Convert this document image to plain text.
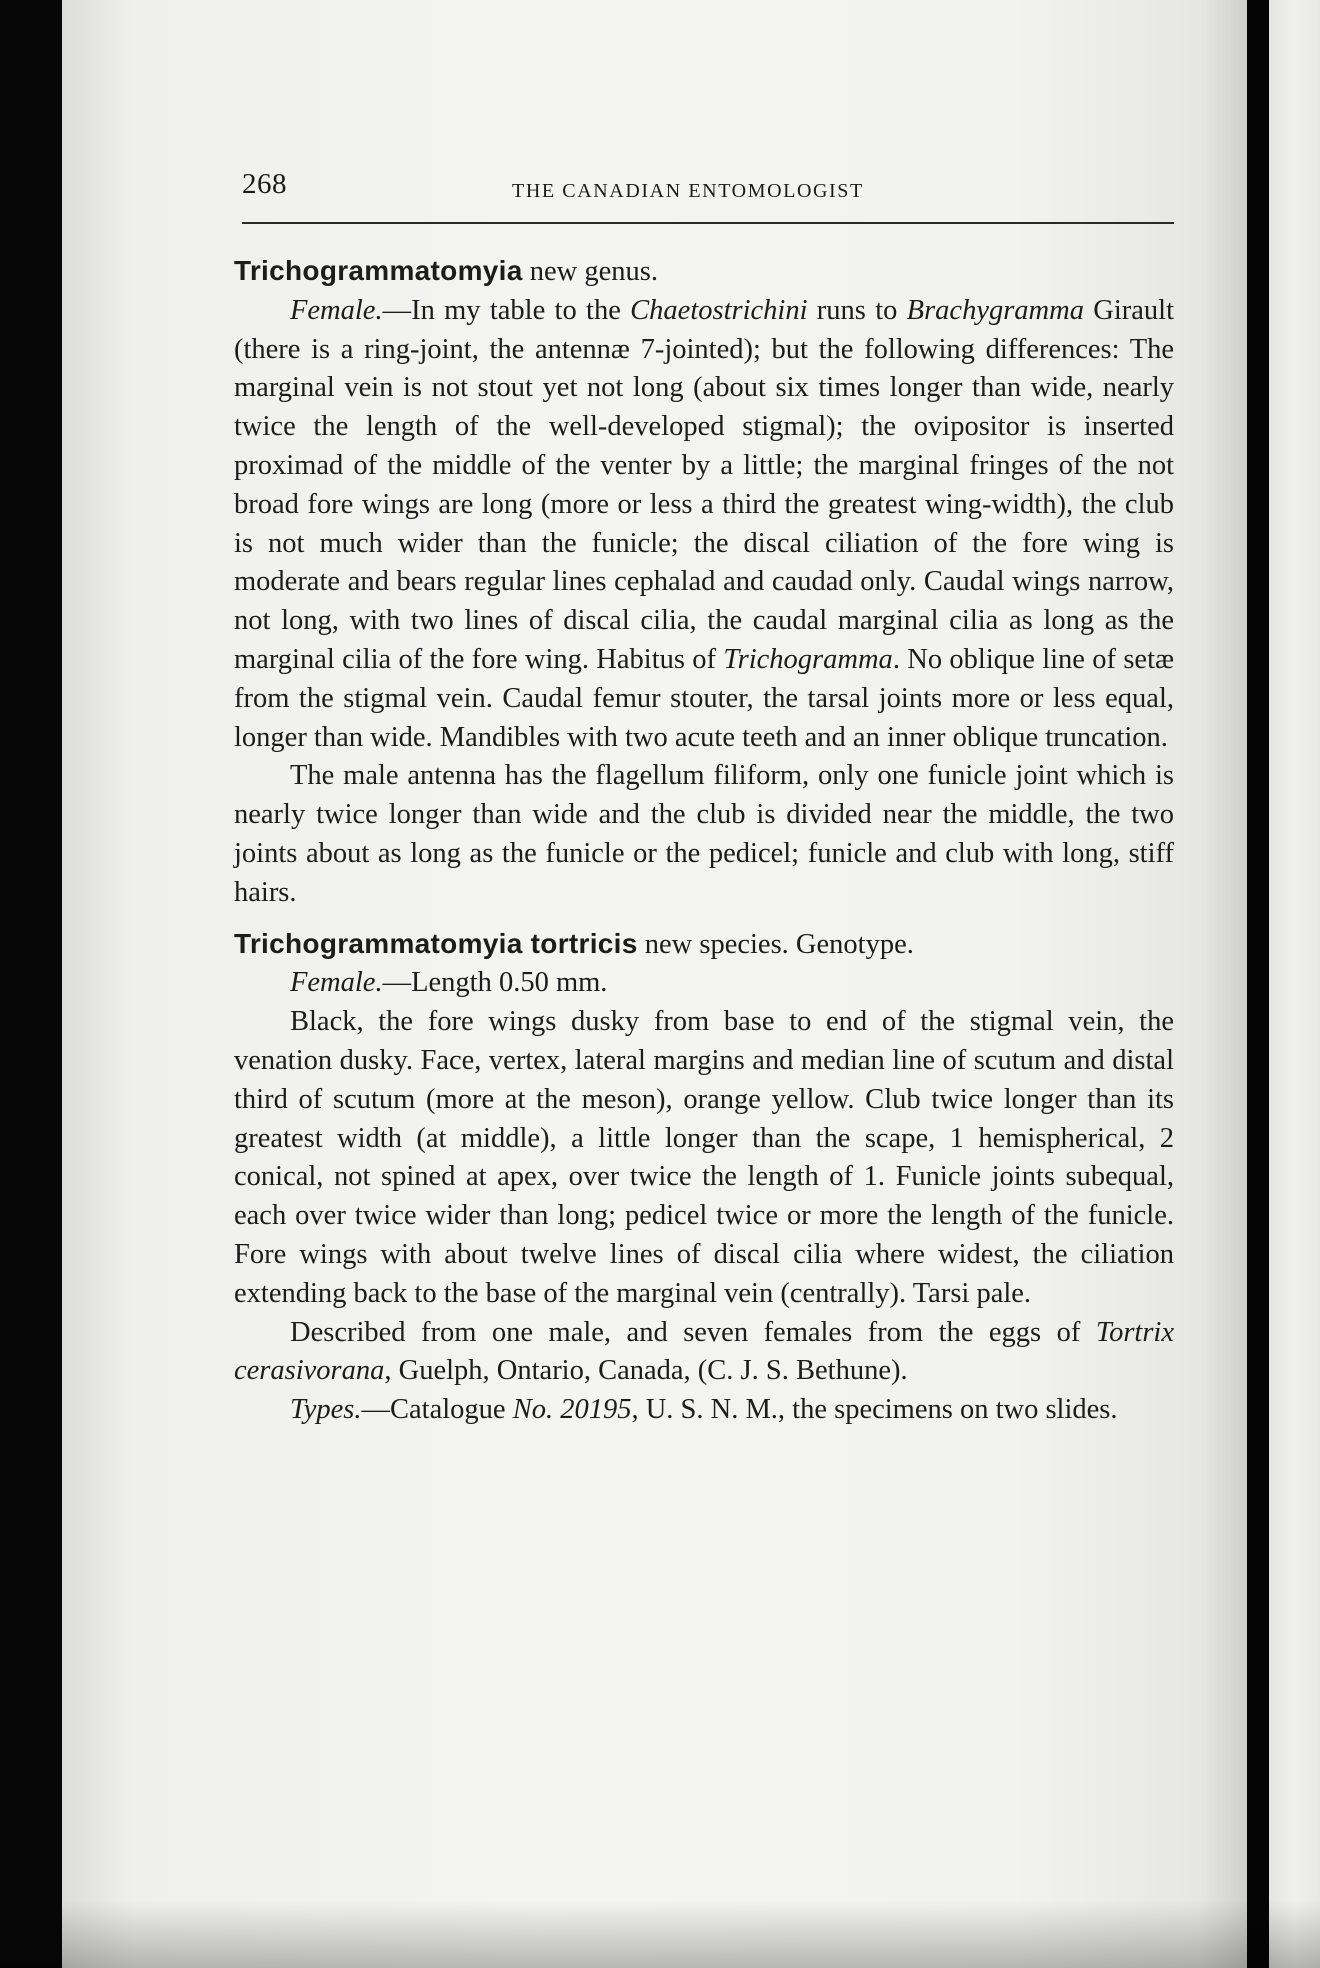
268	THE CANADIAN ENTOMOLOGIST

Trichogrammatomyia new genus.

Female.—In my table to the Chaetostrichini runs to Brachygramma Girault (there is a ring-joint, the antennæ 7-jointed); but the following differences: The marginal vein is not stout yet not long (about six times longer than wide, nearly twice the length of the well-developed stigmal); the ovipositor is inserted proximad of the middle of the venter by a little; the marginal fringes of the not broad fore wings are long (more or less a third the greatest wing-width), the club is not much wider than the funicle; the discal ciliation of the fore wing is moderate and bears regular lines cephalad and caudad only. Caudal wings narrow, not long, with two lines of discal cilia, the caudal marginal cilia as long as the marginal cilia of the fore wing. Habitus of Trichogramma. No oblique line of setæ from the stigmal vein. Caudal femur stouter, the tarsal joints more or less equal, longer than wide. Mandibles with two acute teeth and an inner oblique truncation.

The male antenna has the flagellum filiform, only one funicle joint which is nearly twice longer than wide and the club is divided near the middle, the two joints about as long as the funicle or the pedicel; funicle and club with long, stiff hairs.

Trichogrammatomyia tortricis new species. Genotype.

Female.—Length 0.50 mm.

Black, the fore wings dusky from base to end of the stigmal vein, the venation dusky. Face, vertex, lateral margins and median line of scutum and distal third of scutum (more at the meson), orange yellow. Club twice longer than its greatest width (at middle), a little longer than the scape, 1 hemispherical, 2 conical, not spined at apex, over twice the length of 1. Funicle joints subequal, each over twice wider than long; pedicel twice or more the length of the funicle. Fore wings with about twelve lines of discal cilia where widest, the ciliation extending back to the base of the marginal vein (centrally). Tarsi pale.

Described from one male, and seven females from the eggs of Tortrix cerasivorana, Guelph, Ontario, Canada, (C. J. S. Bethune).

Types.—Catalogue No. 20195, U. S. N. M., the specimens on two slides.
